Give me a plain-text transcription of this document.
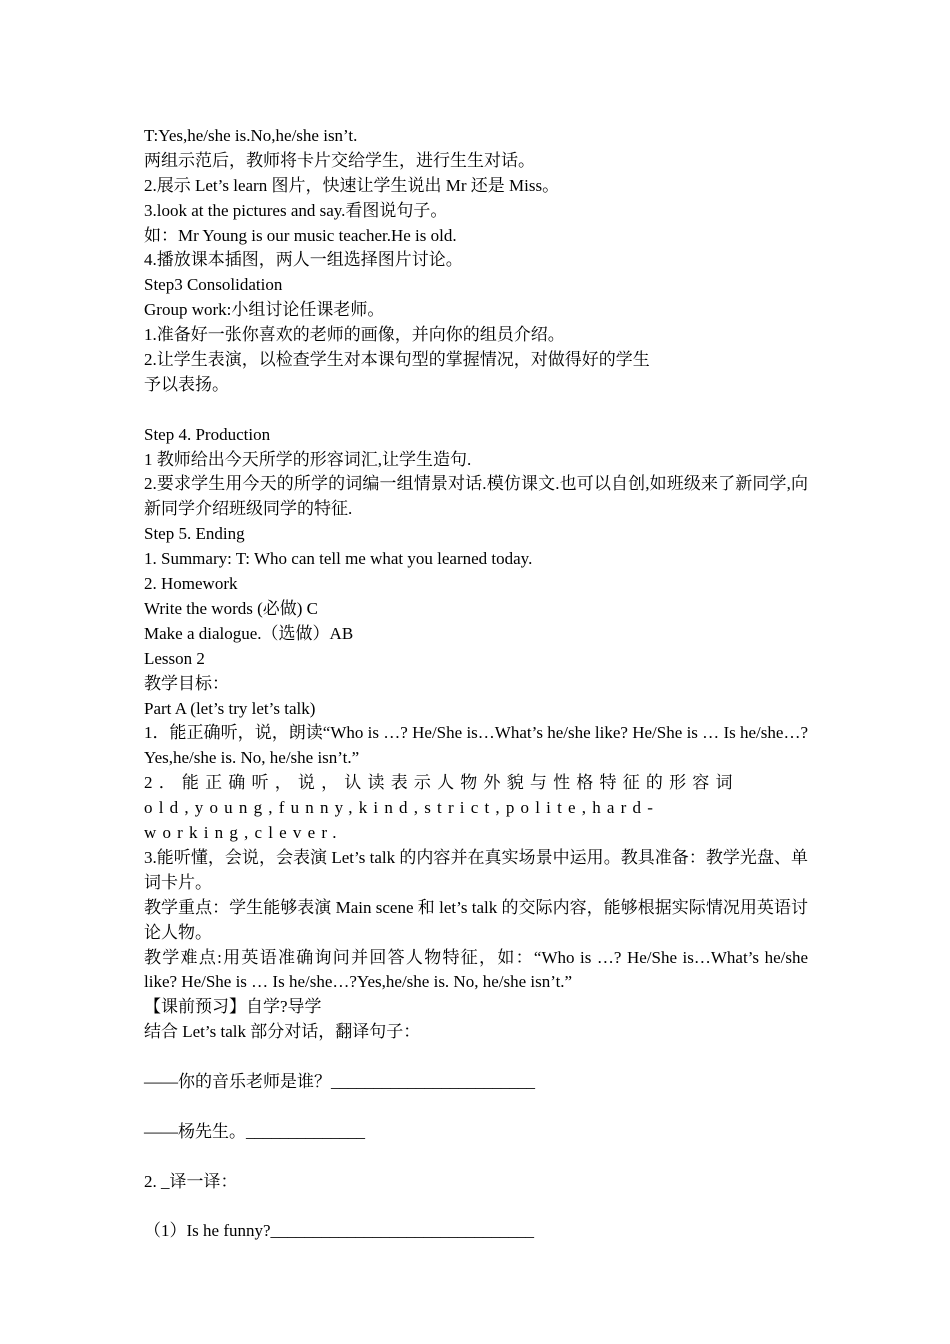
T:Yes,he/she is.No,he/she isn’t.

两组示范后，教师将卡片交给学生，进行生生对话。

2.展示 Let’s learn 图片，快速让学生说出 Mr 还是 Miss。

3.look at the pictures and say.看图说句子。

如：Mr Young is our music teacher.He is old.

4.播放课本插图，两人一组选择图片讨论。

Step3 Consolidation

Group work:小组讨论任课老师。

1.准备好一张你喜欢的老师的画像，并向你的组员介绍。

2.让学生表演，以检查学生对本课句型的掌握情况，对做得好的学生

予以表扬。

Step 4. Production

1 教师给出今天所学的形容词汇,让学生造句.

2.要求学生用今天的所学的词编一组情景对话.模仿课文.也可以自创,如班级来了新同学,向新同学介绍班级同学的特征.

Step 5. Ending

1. Summary: T: Who can tell me what you learned today.

2. Homework

Write the words (必做) C

Make a dialogue.（选做）AB

Lesson 2

教学目标：

Part A (let’s try let’s talk)

1．能正确听，说，朗读“Who is …? He/She is…What’s he/she like? He/She is … Is he/she…?Yes,he/she is. No, he/she isn’t.”

2．能正确听，说，认读表示人物外貌与性格特征的形容词 old,young,funny,kind,strict,polite,hard-working,clever.

3.能听懂，会说，会表演 Let’s talk 的内容并在真实场景中运用。教具准备：教学光盘、单词卡片。

教学重点：学生能够表演 Main scene 和 let’s talk 的交际内容，能够根据实际情况用英语讨论人物。

教学难点:用英语准确询问并回答人物特征，如：“Who is …? He/She is…What’s he/she like? He/She is … Is he/she…?Yes,he/she is. No, he/she isn’t.”

【课前预习】自学?导学

结合 Let’s talk 部分对话，翻译句子：

——你的音乐老师是谁？________________________

——杨先生。______________

2. _译一译：

（1）Is he funny?_______________________________
